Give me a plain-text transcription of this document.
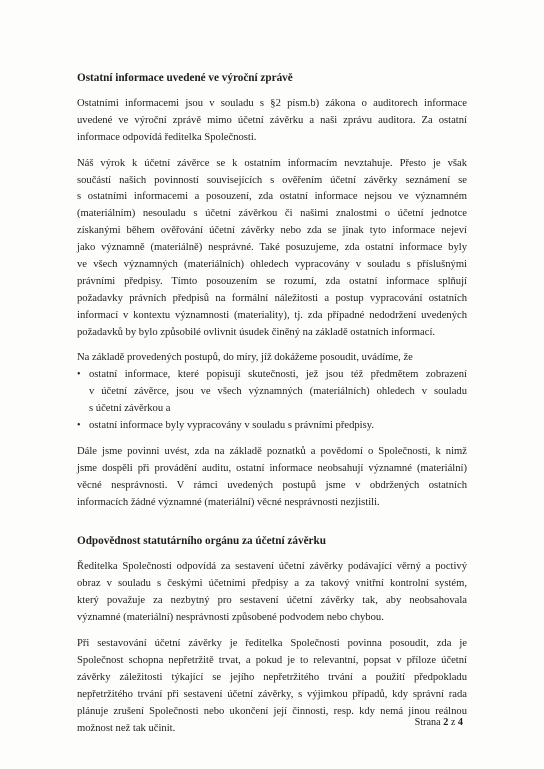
Ostatní informace uvedené ve výroční zprávě
Ostatními informacemi jsou v souladu s §2 písm.b) zákona o auditorech informace
uvedené ve výroční zprávě mimo účetní závěrku a naši zprávu auditora. Za ostatní
informace odpovídá ředitelka Společnosti.
Náš výrok k účetní závěrce se k ostatním informacím nevztahuje. Přesto je však
součástí našich povinností souvisejících s ověřením účetní závěrky seznámení se
s ostatními informacemi a posouzení, zda ostatní informace nejsou ve významném
(materiálním) nesouladu s účetní závěrkou či našimi znalostmi o účetní jednotce
získanými během ověřování účetní závěrky nebo zda se jinak tyto informace nejeví
jako významně (materiálně) nesprávné. Také posuzujeme, zda ostatní informace byly
ve všech významných (materiálních) ohledech vypracovány v souladu s příslušnými
právními předpisy. Tímto posouzením se rozumí, zda ostatní informace splňují
požadavky právních předpisů na formální náležitosti a postup vypracování ostatních
informací v kontextu významnosti (materiality), tj. zda případné nedodržení uvedených
požadavků by bylo způsobilé ovlivnit úsudek činěný na základě ostatních informací.
Na základě provedených postupů, do míry, jíž dokážeme posoudit, uvádíme, že
• ostatní informace, které popisují skutečnosti, jež jsou též předmětem zobrazení
v účetní závěrce, jsou ve všech významných (materiálních) ohledech v souladu
s účetní závěrkou a
• ostatní informace byly vypracovány v souladu s právními předpisy.
Dále jsme povinni uvést, zda na základě poznatků a povědomí o Společnosti, k nimž
jsme dospěli při provádění auditu, ostatní informace neobsahují významné (materiální)
věcné nesprávnosti. V rámci uvedených postupů jsme v obdržených ostatních
informacích žádné významné (materiální) věcné nesprávnosti nezjistili.
Odpovědnost statutárního orgánu za účetní závěrku
Ředitelka Společnosti odpovídá za sestavení účetní závěrky podávající věrný a poctivý
obraz v souladu s českými účetními předpisy a za takový vnitřní kontrolní systém,
který považuje za nezbytný pro sestavení účetní závěrky tak, aby neobsahovala
významné (materiální) nesprávnosti způsobené podvodem nebo chybou.
Při sestavování účetní závěrky je ředitelka Společnosti povinna posoudit, zda je
Společnost schopna nepřetržitě trvat, a pokud je to relevantní, popsat v příloze účetní
závěrky záležitosti týkající se jejího nepřetržitého trvání a použití předpokladu
nepřetržitého trvání při sestavení účetní závěrky, s výjimkou případů, kdy správní rada
plánuje zrušení Společnosti nebo ukončení její činnosti, resp. kdy nemá jinou reálnou
možnost než tak učinit.	Strana 2 z 4
